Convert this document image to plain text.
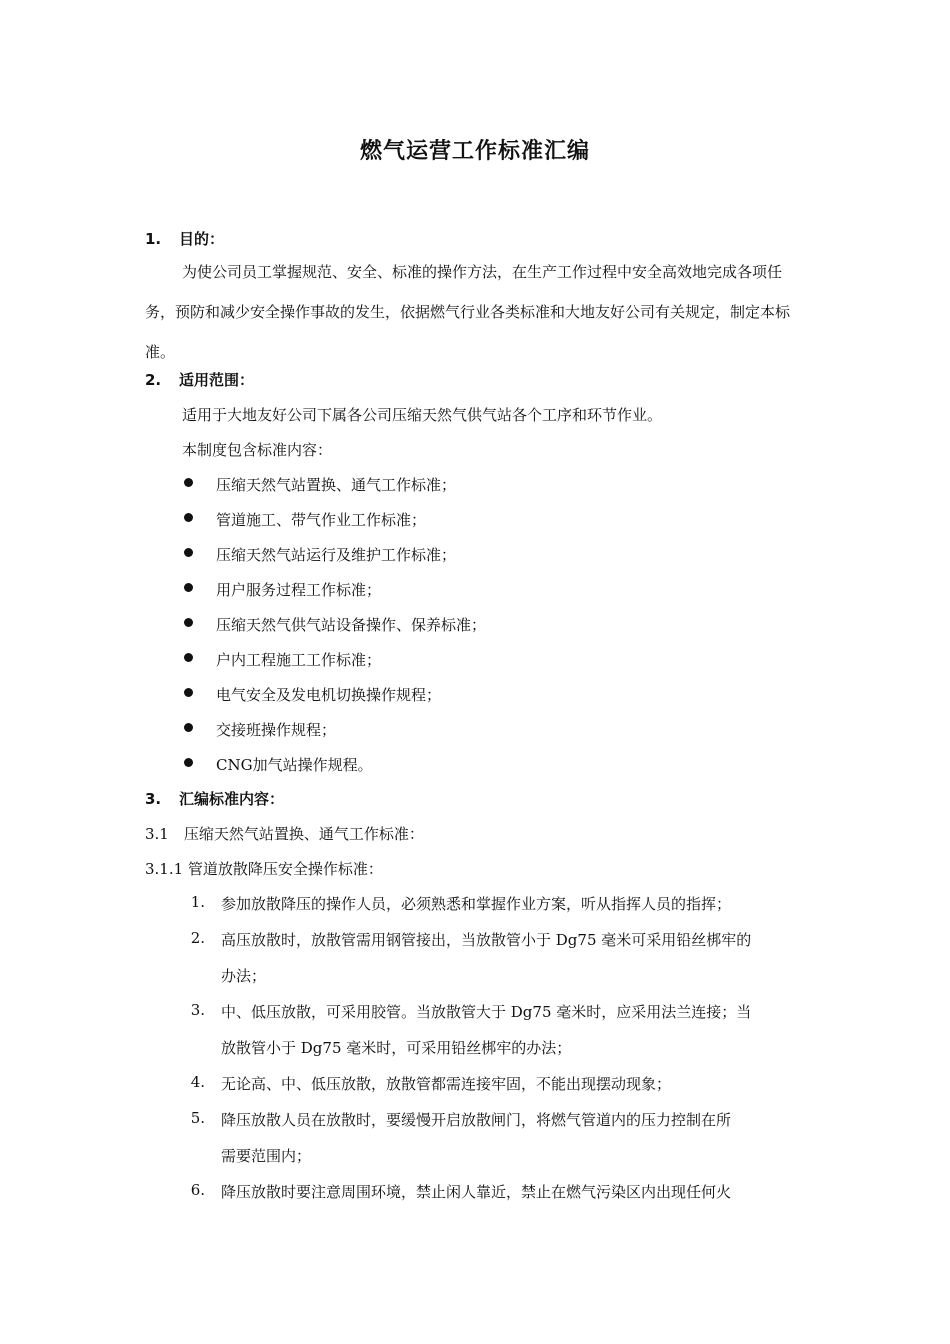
燃气运营工作标准汇编
1. 目的：
为使公司员工掌握规范、安全、标准的操作方法，在生产工作过程中安全高效地完成各项任务，预防和减少安全操作事故的发生，依据燃气行业各类标准和大地友好公司有关规定，制定本标准。
2. 适用范围：
适用于大地友好公司下属各公司压缩天然气供气站各个工序和环节作业。
本制度包含标准内容：
压缩天然气站置换、通气工作标准；
管道施工、带气作业工作标准；
压缩天然气站运行及维护工作标准；
用户服务过程工作标准；
压缩天然气供气站设备操作、保养标准；
户内工程施工工作标准；
电气安全及发电机切换操作规程；
交接班操作规程；
CNG加气站操作规程。
3. 汇编标准内容：
3.1　压缩天然气站置换、通气工作标准：
3.1.1 管道放散降压安全操作标准：
1. 参加放散降压的操作人员，必须熟悉和掌握作业方案，听从指挥人员的指挥；
2. 高压放散时，放散管需用钢管接出，当放散管小于 Dg75 毫米可采用铅丝梆牢的
办法；
3. 中、低压放散，可采用胶管。当放散管大于 Dg75 毫米时，应采用法兰连接；当
放散管小于 Dg75 毫米时，可采用铅丝梆牢的办法；
4. 无论高、中、低压放散，放散管都需连接牢固，不能出现摆动现象；
5. 降压放散人员在放散时，要缓慢开启放散闸门，将燃气管道内的压力控制在所
需要范围内；
6. 降压放散时要注意周围环境，禁止闲人靠近，禁止在燃气污染区内出现任何火
